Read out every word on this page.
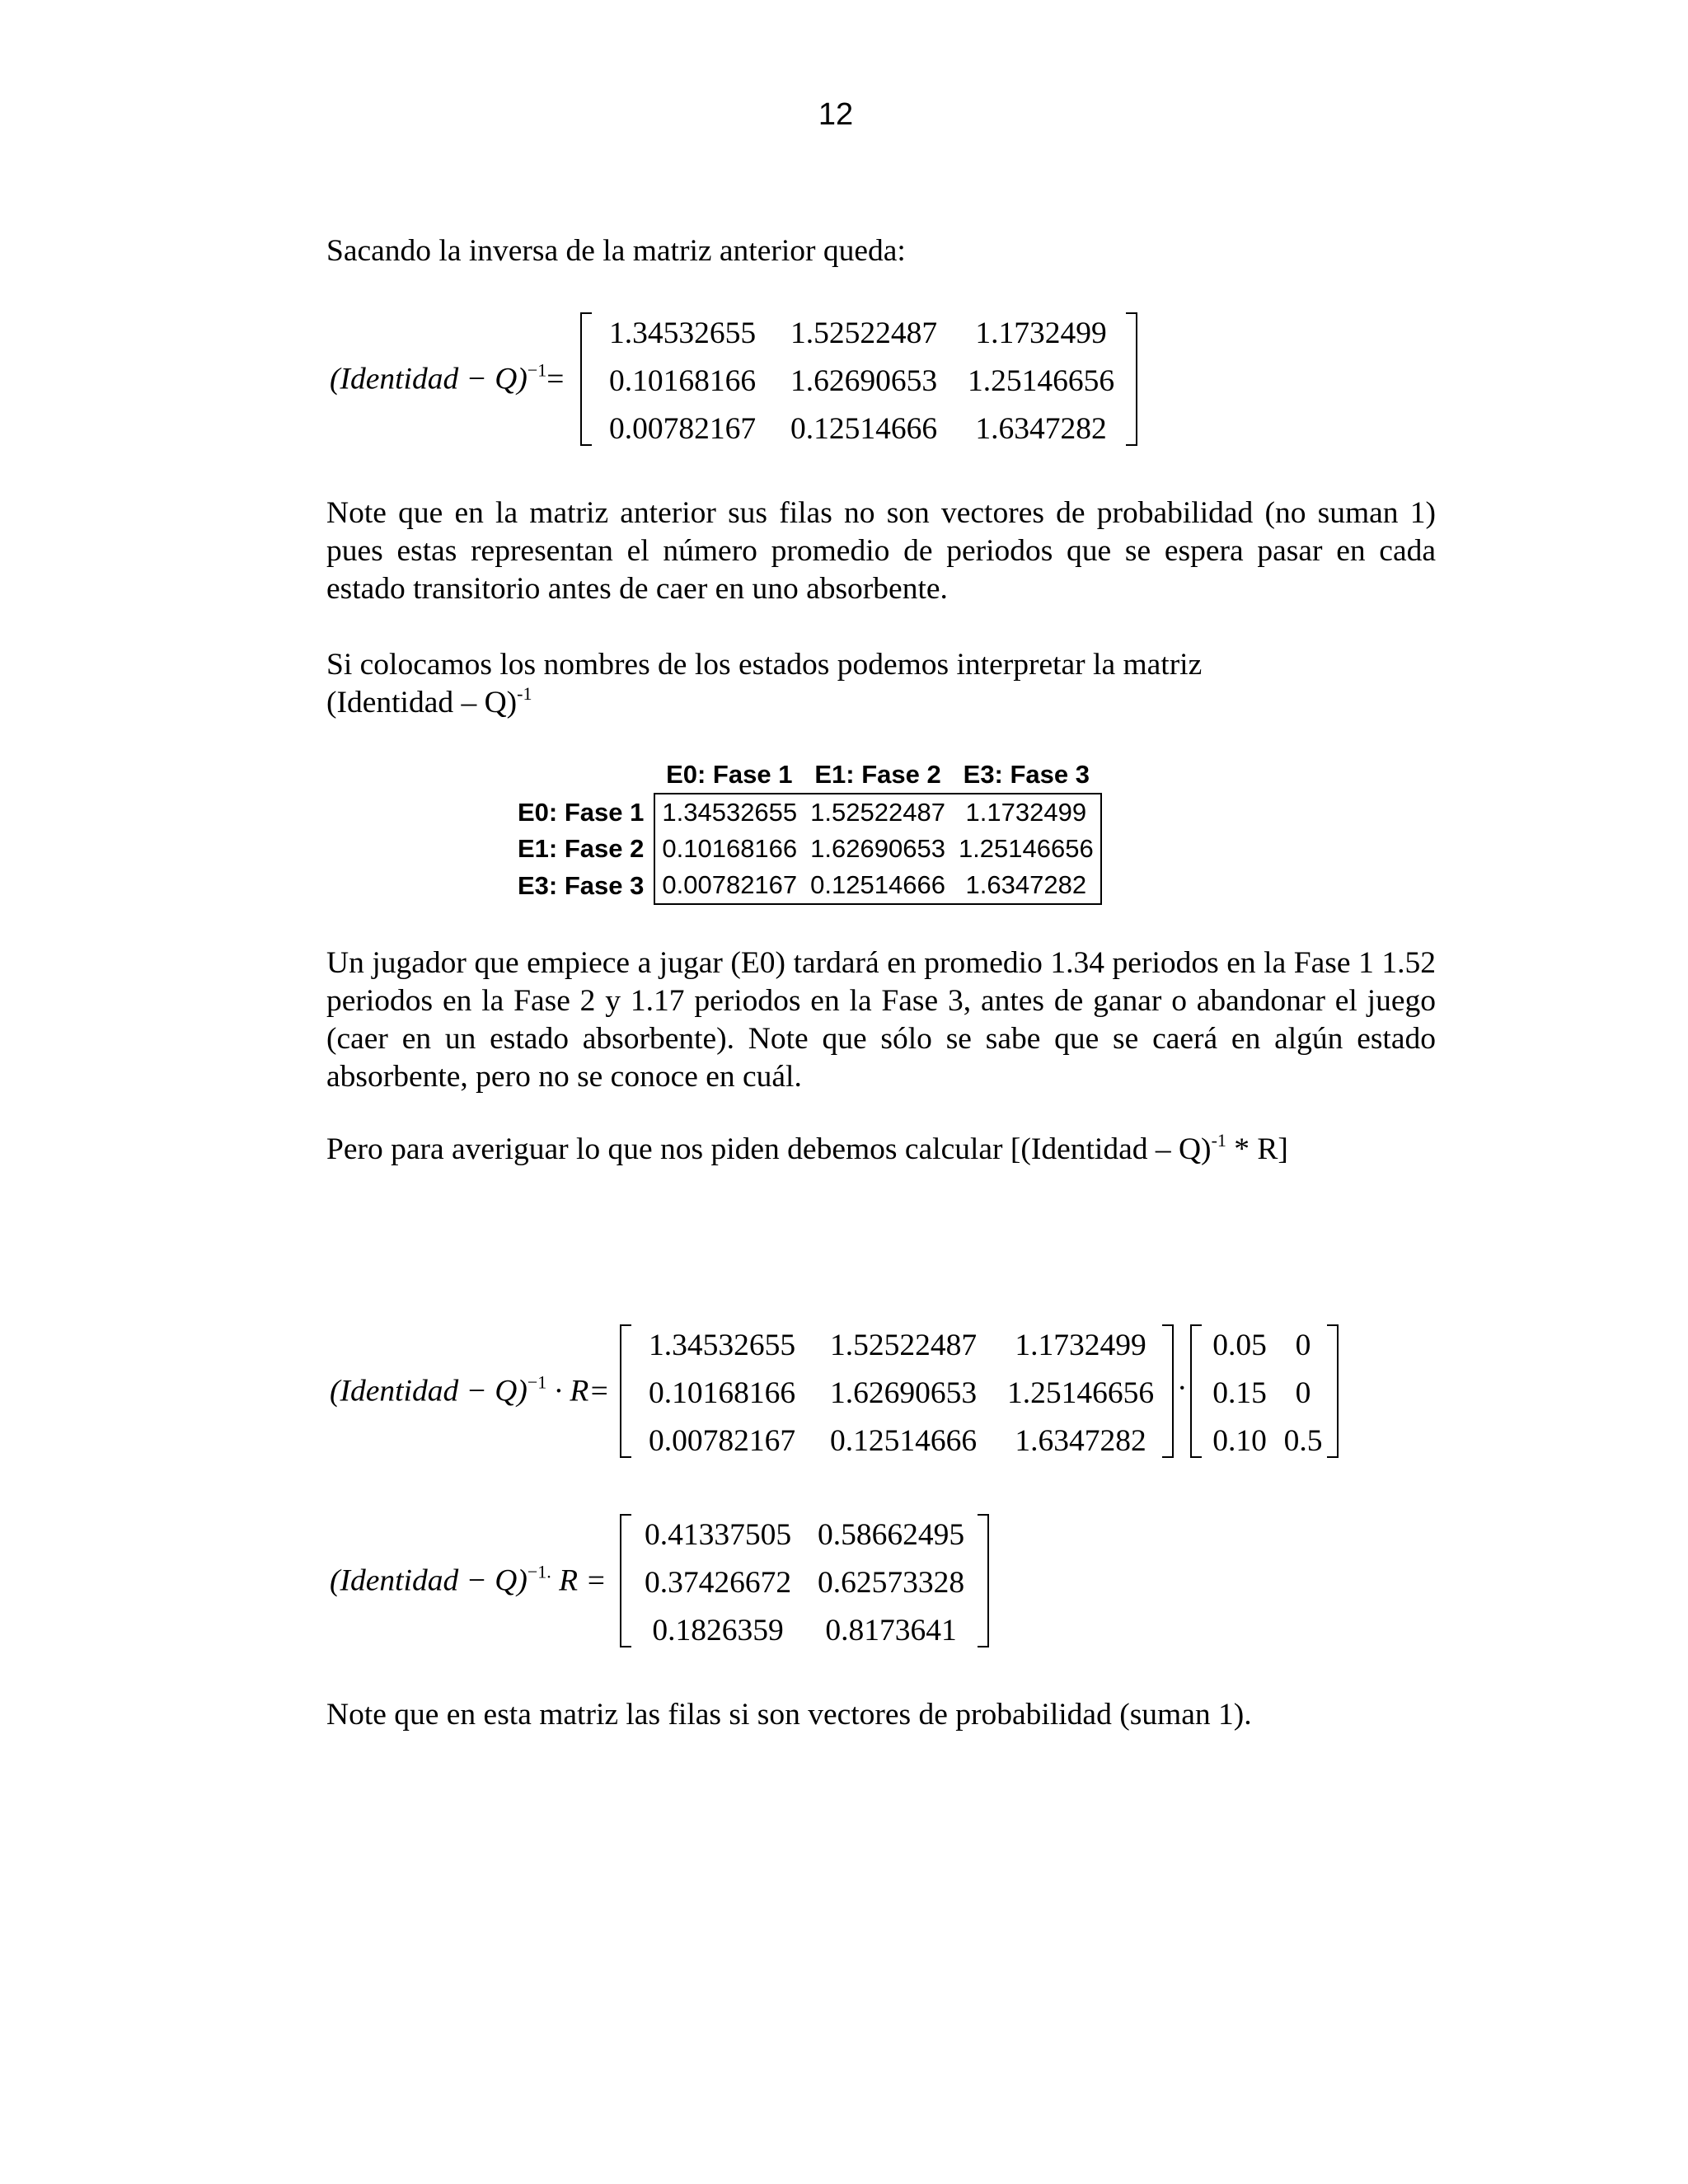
12

Sacando la inversa de la matriz anterior queda:

(Identidad − Q)$^{-1}$=
1.34532655	1.52522487	1.1732499
0.10168166	1.62690653	1.25146656
0.00782167	0.12514666	1.6347282

Note que en la matriz anterior sus filas no son vectores de probabilidad (no suman 1) pues estas representan el número promedio de periodos que se espera pasar en cada estado transitorio antes de caer en uno absorbente.

Si colocamos los nombres de los estados podemos interpretar la matriz
(Identidad – Q)$^{-1}$

	E0: Fase 1	E1: Fase 2	E3: Fase 3
E0: Fase 1	1.34532655	1.52522487	1.1732499
E1: Fase 2	0.10168166	1.62690653	1.25146656
E3: Fase 3	0.00782167	0.12514666	1.6347282

Un jugador que empiece a jugar (E0) tardará en promedio 1.34 periodos en la Fase 1 1.52 periodos en la Fase 2 y 1.17 periodos en la Fase 3, antes de ganar o abandonar el juego (caer en un estado absorbente). Note que sólo se sabe que se caerá en algún estado absorbente, pero no se conoce en cuál.

Pero para averiguar lo que nos piden debemos calcular [(Identidad – Q)$^{-1}$ * R]

(Identidad − Q)$^{-1}$ · R=
1.34532655	1.52522487	1.1732499
0.10168166	1.62690653	1.25146656
0.00782167	0.12514666	1.6347282
·
0.05	0
0.15	0
0.10	0.5
(Identidad − Q)$^{-1.}$ R =
0.41337505	0.58662495
0.37426672	0.62573328
0.1826359	0.8173641

Note que en esta matriz las filas si son vectores de probabilidad (suman 1).
